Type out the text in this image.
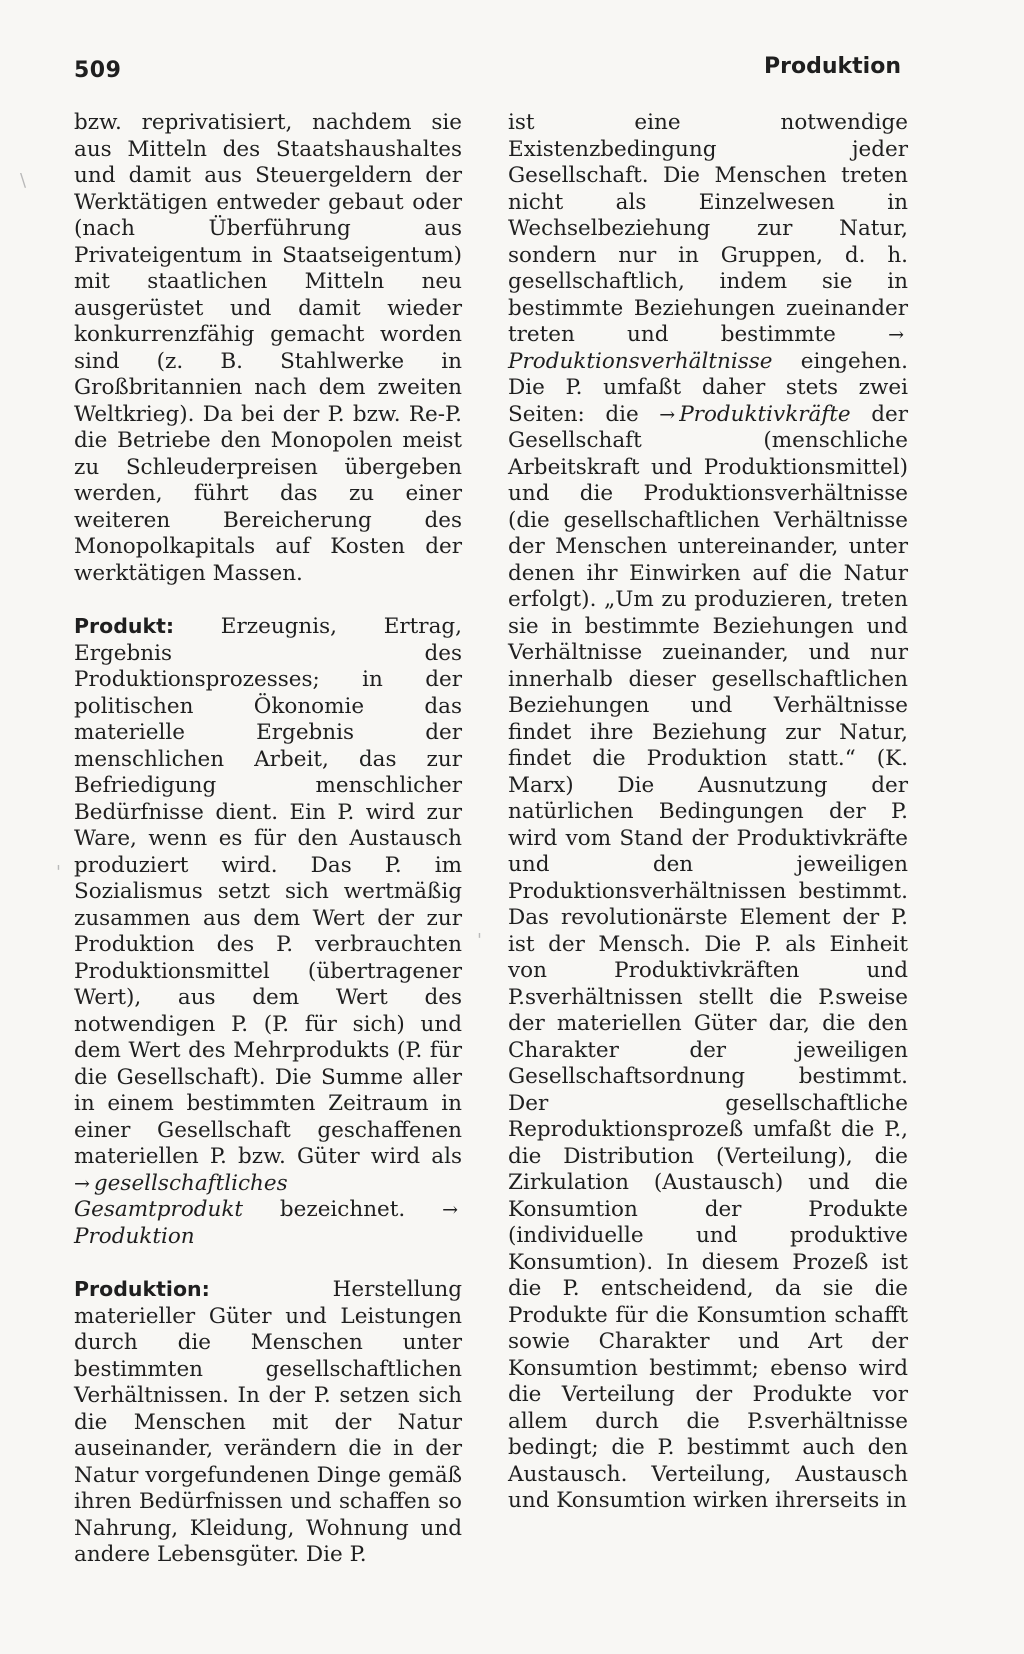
509	Produktion

bzw. reprivatisiert, nachdem sie aus Mitteln des Staatshaushaltes und damit aus Steuergeldern der Werktätigen entweder gebaut oder (nach Überführung aus Privateigentum in Staatseigentum) mit staatlichen Mitteln neu ausgerüstet und damit wieder konkurrenzfähig gemacht worden sind (z. B. Stahlwerke in Großbritannien nach dem zweiten Weltkrieg). Da bei der P. bzw. Re-P. die Betriebe den Monopolen meist zu Schleuderpreisen übergeben werden, führt das zu einer weiteren Bereicherung des Monopolkapitals auf Kosten der werktätigen Massen.

Produkt: Erzeugnis, Ertrag, Ergebnis des Produktionsprozesses; in der politischen Ökonomie das materielle Ergebnis der menschlichen Arbeit, das zur Befriedigung menschlicher Bedürfnisse dient. Ein P. wird zur Ware, wenn es für den Austausch produziert wird. Das P. im Sozialismus setzt sich wertmäßig zusammen aus dem Wert der zur Produktion des P. verbrauchten Produktionsmittel (übertragener Wert), aus dem Wert des notwendigen P. (P. für sich) und dem Wert des Mehrprodukts (P. für die Gesellschaft). Die Summe aller in einem bestimmten Zeitraum in einer Gesellschaft geschaffenen materiellen P. bzw. Güter wird als → gesellschaftliches Gesamtprodukt bezeichnet. →Produktion

Produktion: Herstellung materieller Güter und Leistungen durch die Menschen unter bestimmten gesellschaftlichen Verhältnissen. In der P. setzen sich die Menschen mit der Natur auseinander, verändern die in der Natur vorgefundenen Dinge gemäß ihren Bedürfnissen und schaffen so Nahrung, Kleidung, Wohnung und andere Lebensgüter. Die P.

ist eine notwendige Existenzbedingung jeder Gesellschaft. Die Menschen treten nicht als Einzelwesen in Wechselbeziehung zur Natur, sondern nur in Gruppen, d. h. gesellschaftlich, indem sie in bestimmte Beziehungen zueinander treten und bestimmte →Produktionsverhältnisse eingehen. Die P. umfaßt daher stets zwei Seiten: die → Produktivkräfte der Gesellschaft (menschliche Arbeitskraft und Produktionsmittel) und die Produktionsverhältnisse (die gesellschaftlichen Verhältnisse der Menschen untereinander, unter denen ihr Einwirken auf die Natur erfolgt). „Um zu produzieren, treten sie in bestimmte Beziehungen und Verhältnisse zueinander, und nur innerhalb dieser gesellschaftlichen Beziehungen und Verhältnisse findet ihre Beziehung zur Natur, findet die Produktion statt.“ (K. Marx) Die Ausnutzung der natürlichen Bedingungen der P. wird vom Stand der Produktivkräfte und den jeweiligen Produktionsverhältnissen bestimmt. Das revolutionärste Element der P. ist der Mensch. Die P. als Einheit von Produktivkräften und P.sverhältnissen stellt die P.sweise der materiellen Güter dar, die den Charakter der jeweiligen Gesellschaftsordnung bestimmt. Der gesellschaftliche Reproduktionsprozeß umfaßt die P., die Distribution (Verteilung), die Zirkulation (Austausch) und die Konsumtion der Produkte (individuelle und produktive Konsumtion). In diesem Prozeß ist die P. entscheidend, da sie die Produkte für die Konsumtion schafft sowie Charakter und Art der Konsumtion bestimmt; ebenso wird die Verteilung der Produkte vor allem durch die P.sverhältnisse bedingt; die P. bestimmt auch den Austausch. Verteilung, Austausch und Konsumtion wirken ihrerseits in

\
'
'
